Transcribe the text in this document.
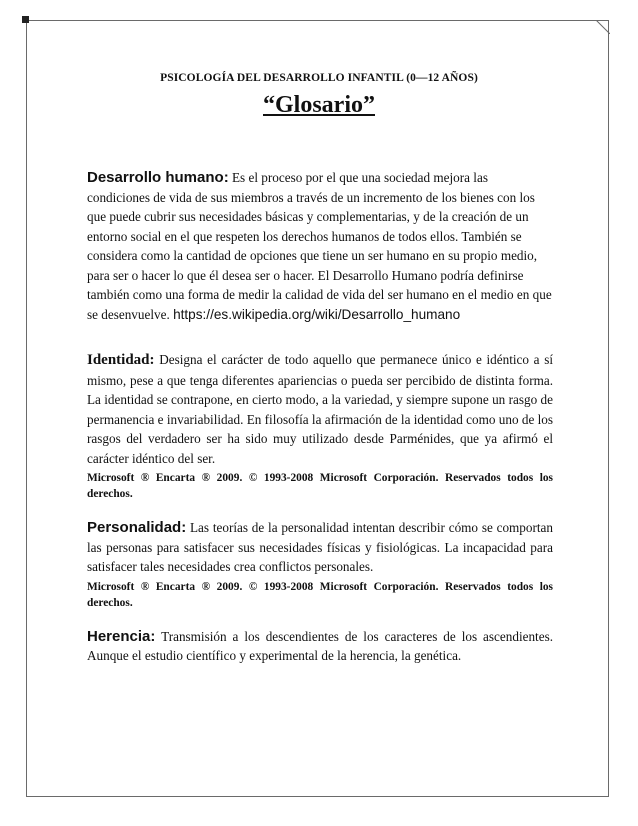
PSICOLOGÍA DEL DESARROLLO INFANTIL (0—12 AÑOS)
“Glosario”

Desarrollo humano: Es el proceso por el que una sociedad mejora las condiciones de vida de sus miembros a través de un incremento de los bienes con los que puede cubrir sus necesidades básicas y complementarias, y de la creación de un entorno social en el que respeten los derechos humanos de todos ellos. También se considera como la cantidad de opciones que tiene un ser humano en su propio medio, para ser o hacer lo que él desea ser o hacer. El Desarrollo Humano podría definirse también como una forma de medir la calidad de vida del ser humano en el medio en que se desenvuelve. https://es.wikipedia.org/wiki/Desarrollo_humano

Identidad: Designa el carácter de todo aquello que permanece único e idéntico a sí mismo, pese a que tenga diferentes apariencias o pueda ser percibido de distinta forma. La identidad se contrapone, en cierto modo, a la variedad, y siempre supone un rasgo de permanencia e invariabilidad. En filosofía la afirmación de la identidad como uno de los rasgos del verdadero ser ha sido muy utilizado desde Parménides, que ya afirmó el carácter idéntico del ser.

Microsoft ® Encarta ® 2009. © 1993-2008 Microsoft Corporación. Reservados todos los derechos.

Personalidad: Las teorías de la personalidad intentan describir cómo se comportan las personas para satisfacer sus necesidades físicas y fisiológicas. La incapacidad para satisfacer tales necesidades crea conflictos personales.

Microsoft ® Encarta ® 2009. © 1993-2008 Microsoft Corporación. Reservados todos los derechos.

Herencia: Transmisión a los descendientes de los caracteres de los ascendientes. Aunque el estudio científico y experimental de la herencia, la genética.
